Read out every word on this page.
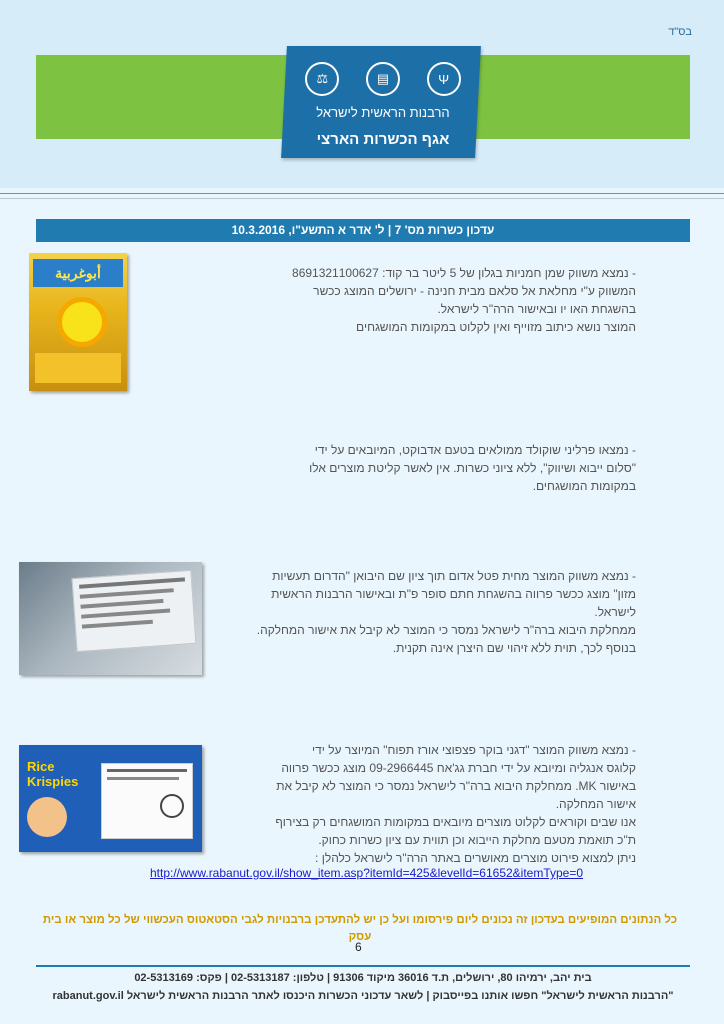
בס"ד
⚖	▤	Ψ
הרבנות הראשית לישראל
אגף הכשרות הארצי
עדכון כשרות מס' 7 | ל' אדר א התשע"ו, 10.3.2016
أبوغربية	- נמצא משווק שמן חמניות בגלון של 5 ליטר בר קוד: 8691321100627

המשווק ע"י מחלאת אל סלאם מבית חנינה - ירושלים המוצג ככשר

בהשגחת האו יו ובאישור הרה"ר לישראל.

המוצר נושא כיתוב מזוייף ואין לקלוט במקומות המושגחים

- נמצאו פרליני שוקולד ממולאים בטעם אדבוקט, המיובאים על ידי

"סלום ייבוא ושיווק", ללא ציוני כשרות. אין לאשר קליטת מוצרים אלו

במקומות המושגחים.

- נמצא משווק המוצר מחית פטל אדום תוך ציון שם היבואן "הדרום תעשיות

מזון" מוצג ככשר פרווה בהשגחת חתם סופר פ"ת ובאישור הרבנות הראשית

לישראל.

ממחלקת היבוא ברה"ר לישראל נמסר כי המוצר לא קיבל את אישור המחלקה.

בנוסף לכך, תוית ללא זיהוי שם היצרן אינה תקנית.

Rice Krispies

- נמצא משווק המוצר "דגני בוקר פצפוצי אורז תפוח" המיוצר על ידי

קלוגס אנגליה ומיובא על ידי חברת גג'אח 09-2966445 מוצג ככשר פרווה

באישור MK. ממחלקת היבוא ברה"ר לישראל נמסר כי המוצר לא קיבל את

אישור המחלקה.

אנו שבים וקוראים לקלוט מוצרים מיובאים במקומות המושגחים רק בצירוף

ת"כ תואמת מטעם מחלקת הייבוא וכן תווית עם ציון כשרות כחוק.

ניתן למצוא פירוט מוצרים מאושרים באתר הרה"ר לישראל כלהלן :

http://www.rabanut.gov.il/show_item.asp?itemId=425&levelId=61652&itemType=0
כל הנתונים המופיעים בעדכון זה נכונים ליום פירסומו ועל כן יש להתעדכן ברבנויות לגבי הסטאטוס העכשווי של כל מוצר או בית עסק
6
בית יהב, ירמיהו 80, ירושלים, ת.ד 36016 מיקוד 91306 | טלפון: 02-5313187 | פקס: 02-5313169
"הרבנות הראשית לישראל" חפשו אותנו בפייסבוק | לשאר עדכוני הכשרות היכנסו לאתר הרבנות הראשית לישראל rabanut.gov.il
